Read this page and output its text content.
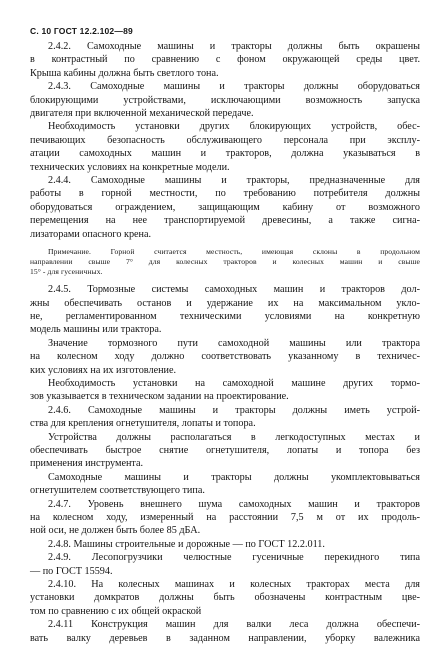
С. 10 ГОСТ 12.2.102—89
2.4.2. Самоходные машины и тракторы должны быть окрашены
в контрастный по сравнению с фоном окружающей среды цвет.
Крыша кабины должна быть светлого тона.
2.4.3. Самоходные машины и тракторы должны оборудоваться
блокирующими устройствами, исключающими возможность запуска
двигателя при включенной механической передаче.
Необходимость установки других блокирующих устройств, обес-
печивающих безопасность обслуживающего персонала при эксплу-
атации самоходных машин и тракторов, должна указываться в
технических условиях на конкретные модели.
2.4.4. Самоходные машины и тракторы, предназначенные для
работы в горной местности, по требованию потребителя должны
оборудоваться ограждением, защищающим кабину от возможного
перемещения на нее транспортируемой древесины, а также сигна-
лизаторами опасного крена.
Примечание. Горной считается местность, имеющая склоны в продольном
направлении свыше 7° для колесных тракторов и колесных машин и свыше
15° - для гусеничных.
2.4.5. Тормозные системы самоходных машин и тракторов дол-
жны обеспечивать останов и удержание их на максимальном укло-
не, регламентированном техническими условиями на конкретную
модель машины или трактора.
Значение тормозного пути самоходной машины или трактора
на колесном ходу должно соответствовать указанному в техничес-
ких условиях на их изготовление.
Необходимость установки на самоходной машине других тормо-
зов указывается в техническом задании на проектирование.
2.4.6. Самоходные машины и тракторы должны иметь устрой-
ства для крепления огнетушителя, лопаты и топора.
Устройства должны располагаться в легкодоступных местах и
обеспечивать быстрое снятие огнетушителя, лопаты и топора без
применения инструмента.
Самоходные машины и тракторы должны укомплектовываться
огнетушителем соответствующего типа.
2.4.7. Уровень внешнего шума самоходных машин и тракторов
на колесном ходу, измеренный на расстоянии 7,5 м от их продоль-
ной оси, не должен быть более 85 дБА.
2.4.8. Машины строительные и дорожные — по ГОСТ 12.2.011.
2.4.9. Лесопогрузчики челюстные гусеничные перекидного типа
— по ГОСТ 15594.
2.4.10. На колесных машинах и колесных тракторах места для
установки домкратов должны быть обозначены контрастным цве-
том по сравнению с их общей окраской
2.4.11 Конструкция машин для валки леса должна обеспечи-
вать валку деревьев в заданном направлении, уборку валежника
